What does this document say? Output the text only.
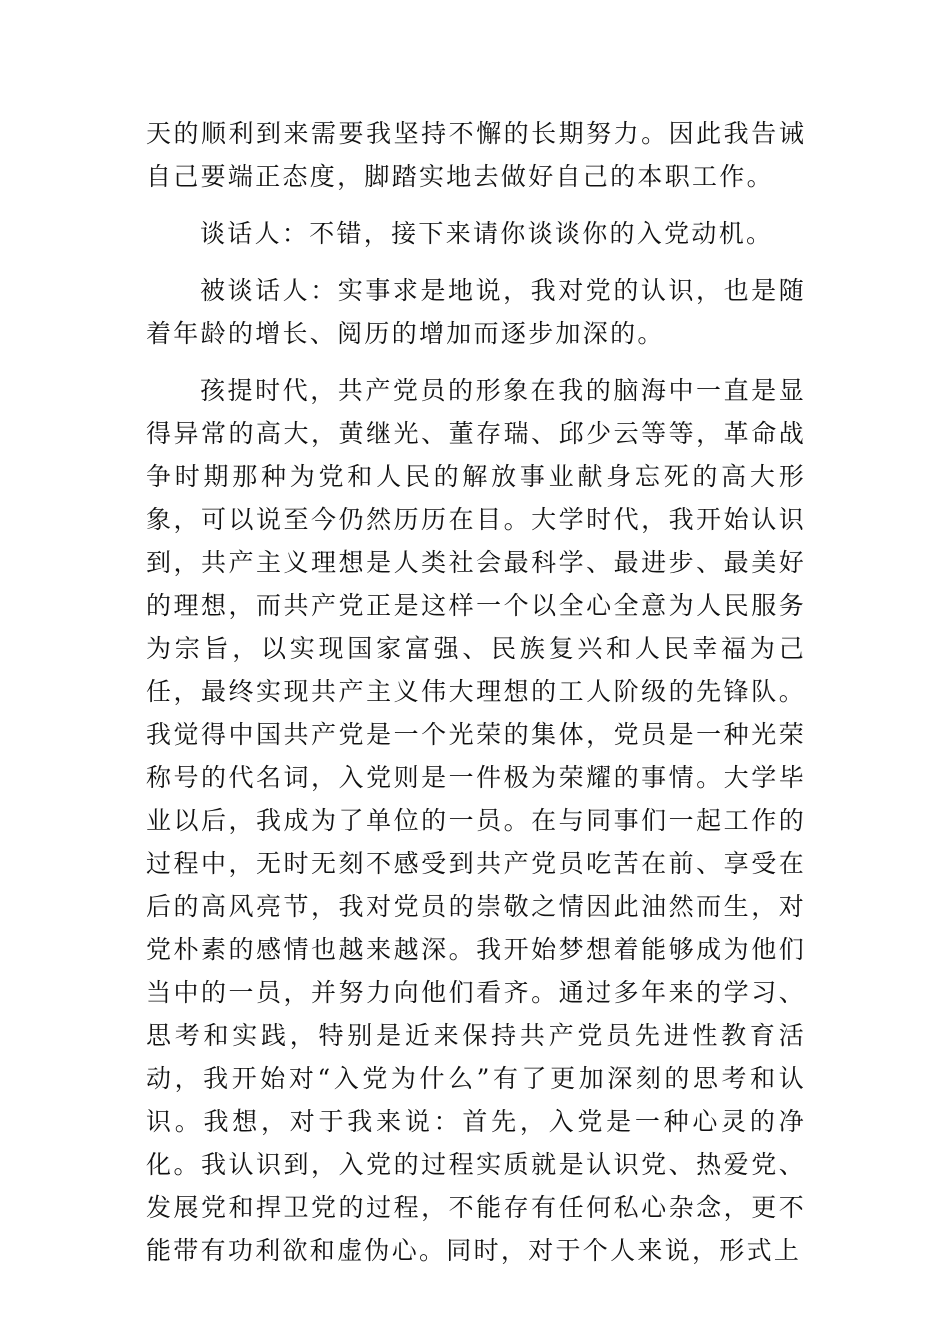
天的顺利到来需要我坚持不懈的长期努力。因此我告诫自己要端正态度，脚踏实地去做好自己的本职工作。

谈话人：不错，接下来请你谈谈你的入党动机。

被谈话人：实事求是地说，我对党的认识，也是随着年龄的增长、阅历的增加而逐步加深的。

孩提时代，共产党员的形象在我的脑海中一直是显得异常的高大，黄继光、董存瑞、邱少云等等，革命战争时期那种为党和人民的解放事业献身忘死的高大形象，可以说至今仍然历历在目。大学时代，我开始认识到，共产主义理想是人类社会最科学、最进步、最美好的理想，而共产党正是这样一个以全心全意为人民服务为宗旨，以实现国家富强、民族复兴和人民幸福为己任，最终实现共产主义伟大理想的工人阶级的先锋队。我觉得中国共产党是一个光荣的集体，党员是一种光荣称号的代名词，入党则是一件极为荣耀的事情。大学毕业以后，我成为了单位的一员。在与同事们一起工作的过程中，无时无刻不感受到共产党员吃苦在前、享受在后的高风亮节，我对党员的崇敬之情因此油然而生，对党朴素的感情也越来越深。我开始梦想着能够成为他们当中的一员，并努力向他们看齐。通过多年来的学习、思考和实践，特别是近来保持共产党员先进性教育活动，我开始对“入党为什么”有了更加深刻的思考和认识。我想，对于我来说：首先，入党是一种心灵的净化。我认识到，入党的过程实质就是认识党、热爱党、发展党和捍卫党的过程，不能存有任何私心杂念，更不能带有功利欲和虚伪心。同时，对于个人来说，形式上
